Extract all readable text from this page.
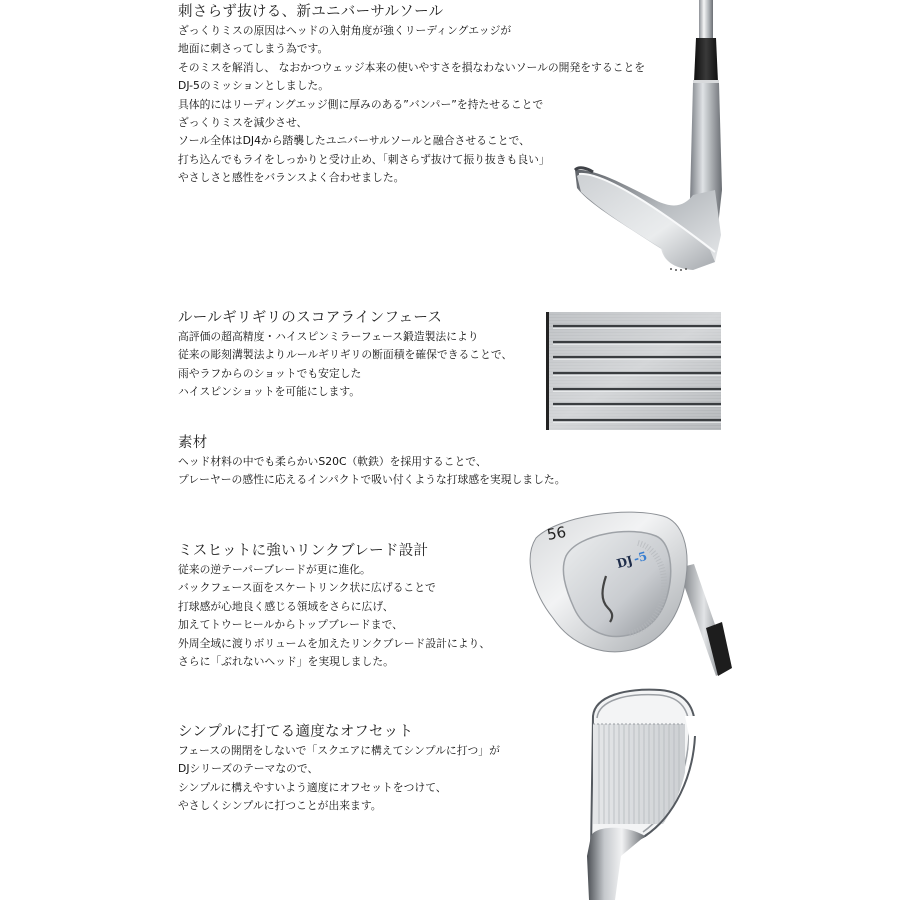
刺さらず抜ける、新ユニバーサルソール
ざっくりミスの原因はヘッドの入射角度が強くリーディングエッジが
地面に刺さってしまう為です。
そのミスを解消し、 なおかつウェッジ本来の使いやすさを損なわないソールの開発をすることを
DJ-5のミッションとしました。
具体的にはリーディングエッジ側に厚みのある”バンパー”を持たせることで
ざっくりミスを減少させ、
ソール全体はDJ4から踏襲したユニバーサルソールと融合させることで、
打ち込んでもライをしっかりと受け止め、「刺さらず抜けて振り抜きも良い」
やさしさと感性をバランスよく合わせました。
ルールギリギリのスコアラインフェース
高評価の超高精度・ハイスピンミラーフェース鍛造製法により
従来の彫刻溝製法よりルールギリギリの断面積を確保できることで、
雨やラフからのショットでも安定した
ハイスピンショットを可能にします。
素材
ヘッド材料の中でも柔らかいS20C（軟鉄）を採用することで、
プレーヤーの感性に応えるインパクトで吸い付くような打球感を実現しました。
ミスヒットに強いリンクブレード設計
従来の逆テーパーブレードが更に進化。
バックフェース面をスケートリンク状に広げることで
打球感が心地良く感じる領域をさらに広げ、
加えてトウーヒールからトップブレードまで、
外周全域に渡りボリュームを加えたリンクブレード設計により、
さらに「ぶれないヘッド」を実現しました。
56
DJ
-5
シンプルに打てる適度なオフセット
フェースの開閉をしないで「スクエアに構えてシンプルに打つ」が
DJシリーズのテーマなので、
シンプルに構えやすいよう適度にオフセットをつけて、
やさしくシンプルに打つことが出来ます。
